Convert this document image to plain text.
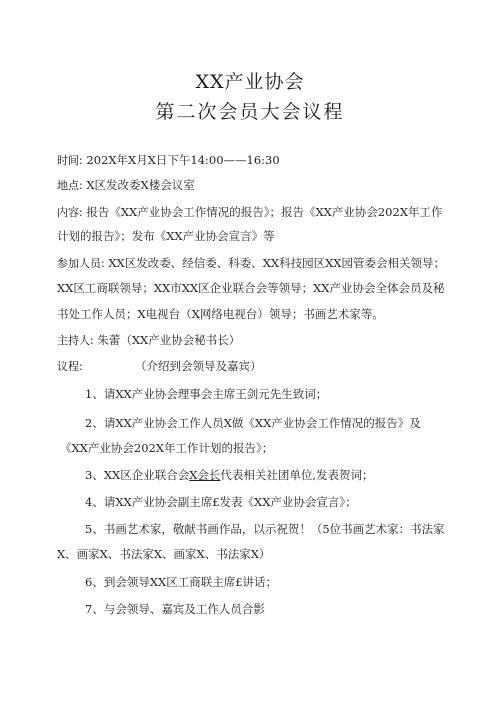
XX产业协会
第二次会员大会议程
时间: 202X年X月X日下午14:00——16:30
地点: X区发改委X楼会议室
内容: 报告《XX产业协会工作情况的报告》；报告《XX产业协会202X年工作
计划的报告》；发布《XX产业协会宣言》等
参加人员: XX区发改委、经信委、科委、XX科技园区XX园管委会相关领导；
XX区工商联领导；XX市XX区企业联合会等领导；XX产业协会全体会员及秘
书处工作人员；X电视台（X网络电视台）领导；书画艺术家等。
主持人: 朱蕾（XX产业协会秘书长）
议程:	（介绍到会领导及嘉宾）
1、请XX产业协会理事会主席王剑元先生致词；
2、请XX产业协会工作人员X做《XX产业协会工作情况的报告》及
《XX产业协会202X年工作计划的报告》；
3、XX区企业联合会X会长代表相关社团单位,发表贺词；
4、请XX产业协会副主席£发表《XX产业协会宣言》；
5、书画艺术家，敬献书画作品，以示祝贺！（5位书画艺术家：书法家
X、画家X、书法家X、画家X、书法家X）
6、到会领导XX区工商联主席£讲话；
7、与会领导、嘉宾及工作人员合影
